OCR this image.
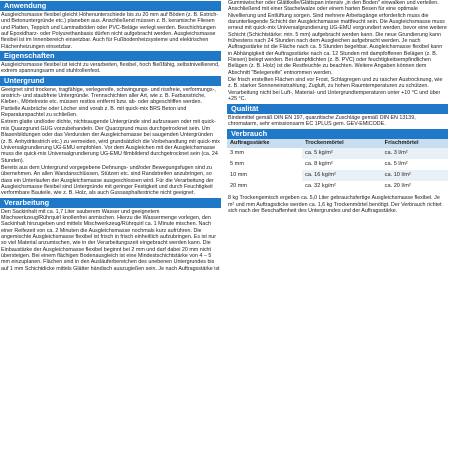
Anwendung

Ausgleichsmasse flexibel gleicht Höhenunterschiede bis zu 20 mm auf Böden (z. B. Estrich- und Betonuntergründe etc.) planeben aus. Anschließend müssen z. B. keramische Fliesen und Platten, Teppich und Laminatböden oder PVC-Beläge verlegt werden. Beschichtungen auf Epoxidharz- oder Polyurethanbasis dürfen nicht aufgebracht werden. Ausgleichsmasse flexibel ist im Innenbereich einsetzbar. Auch für Fußbodenheizsysteme und elektrischen Flächenheizungen einsetzbar.

Eigenschaften

Ausgleichsmasse flexibel ist leicht zu verarbeiten, flexibel, hoch fließfähig, selbstnivellierend, extrem spannungsarm und stuhlrollenfest.

Untergrund

Geeignet sind trockene, tragfähige, verlegereife, schwingungs- und rissfreie, verformungs-, anstrich- und staubfreie Untergründe. Trennschichten aller Art, wie z. B. Farbanstriche, Kleber-, Mörtelreste etc. müssen restlos entfernt bzw. ab- oder abgeschliffen werden. Partielle Ausbrüche oder Löcher sind vorab z. B. mit quick-mix BRS Beton und Reparaturspachtel zu schließen.

Extrem glatte und/oder dichte, nichtsaugende Untergründe sind aufzurauen oder mit quick-mix Quarzgrund GUG vorzubehandeln. Der Quarzgrund muss durchgetrocknet sein. Um Blasenbildungen oder das Verdursten der Ausgleichsmasse bei saugenden Untergründen (z. B. Anhydritestrich etc.) zu vermeiden, wird grundsätzlich die Vorbehandlung mit quick-mix Universalgrundierung UG-EMU empfohlen. Vor dem Ausgleichen mit der Ausgleichsmasse muss die quick-mix Universalgrundierung UG-EMU filmbildend durchgetrocknet sein (ca. 24 Stunden).

Bereits aus dem Untergrund vorgegebene Dehnungs- und/oder Bewegungsfugen sind zu übernehmen. An allen Wandanschlüssen, Stützen etc. sind Randstreifen anzubringen, so dass ein Unterlaufen der Ausgleichsmasse ausgeschlossen wird. Für die Verarbeitung der Ausgleichsmasse flexibel sind Untergründe mit geringer Festigkeit und durch Feuchtigkeit verformbare Bauteile, wie z. B. Holz, als auch Gussasphaltestriche nicht geeignet.

Verarbeitung

Den Sackinhalt mit ca. 1,7 Liter sauberem Wasser und geeignetem Mischwerkzeug/Rührquirl knollenfrei anmischen. Hierzu die Wassermenge vorlegen, den Sackinhalt hinzugeben und mittels Mischwerkzeug/Rührquirl ca. 1 Minute mischen. Nach einer Reifezeit von ca. 2 Minuten die Ausgleichsmasse nochmals kurz aufrühren. Die angemischte Ausgleichsmasse flexibel ist frisch in frisch einheitlich aufzubringen. Es ist nur so viel Material anzumischen, wie in der Verarbeitungszeit eingebracht werden kann. Die Einbaustärke der Ausgleichsmasse flexibel beginnt bei 2 mm und darf dabei 20 mm nicht übersteigen. Bei einem flächigen Bodenausgleich ist eine Mindestschichtstärke von 4 – 5 mm einzuplanen. Flächen sind in den Ausläuferbereichen des unebenen Untergrundes bis auf 1 mm Schichtdicke mittels Glätter händisch auszugießen sein. Je nach Auftragsstärke ist

Gummiwischer oder Glättkelle/Glättspan intensiv „in den Boden" einwalken und verteilen. Anschließend mit einer Stachelwalze oder einem harten Besen für eine optimale Nivellierung und Entlüftung sorgen. Sind mehrere Arbeitsgänge erforderlich muss die darunterliegende Schicht der Ausgleichsmasse mattfeucht sein. Die Ausgleichsmasse muss erneut mit quick-mix Universalgrundierung UG-EMU vorgrundiert werden, bevor eine weitere Schicht (Schichtstärke: min. 5 mm) aufgebracht werden kann. Die neue Grundierung kann frühestens nach 24 Stunden nach dem Ausgleichen aufgebracht werden. Je nach Auftragsstärke ist die Fläche nach ca. 5 Stunden begehbar. Ausgleichsmasse flexibel kann in Abhängigkeit der Auftragsstärke nach ca. 12 Stunden mit dampfoffenen Belägen (z. B. Fliesen) belegt werden. Bei dampfdichten (z. B. PVC) oder feuchtigkeitsempfindlichen Belägen (z. B. Holz) ist die Restfeuchte zu beachten. Weitere Angaben können dem Abschnitt "Belegereife" entnommen werden.

Die frisch erstellten Flächen sind vor Frost, Schlagregen und zu rascher Austrocknung, wie z. B. starker Sonneneinstrahlung, Zugluft, zu hohen Raumtemperaturen zu schützen. Verarbeitung nicht bei Luft-, Material- und Untergrundtemperaturen unter +10 °C und über +25 °C.

Qualität

Bindemittel gemäß DIN EN 197, quarzitische Zuschläge gemäß DIN EN 13139, chromatarm, sehr emissionsarm EC 1PLUS gem. GEV-EMICODE.

Verbrauch
Auftragsstärke	Trockenmörtel	Frischmörtel
3 mm	ca. 5 kg/m²	ca. 3 l/m²
5 mm	ca. 8 kg/m²	ca. 5 l/m²
10 mm	ca. 16 kg/m²	ca. 10 l/m²
20 mm	ca. 32 kg/m²	ca. 20 l/m²

8 kg Trockengemisch ergeben ca. 5,0 Liter gebrauchsfertige Ausgleichsmasse flexibel. Je m² und mm Auftragsdicke werden ca. 1,6 kg Trockenmörtel benötigt. Der Verbrauch richtet sich nach der Beschaffenheit des Untergrundes und der Auftragsstärke.
